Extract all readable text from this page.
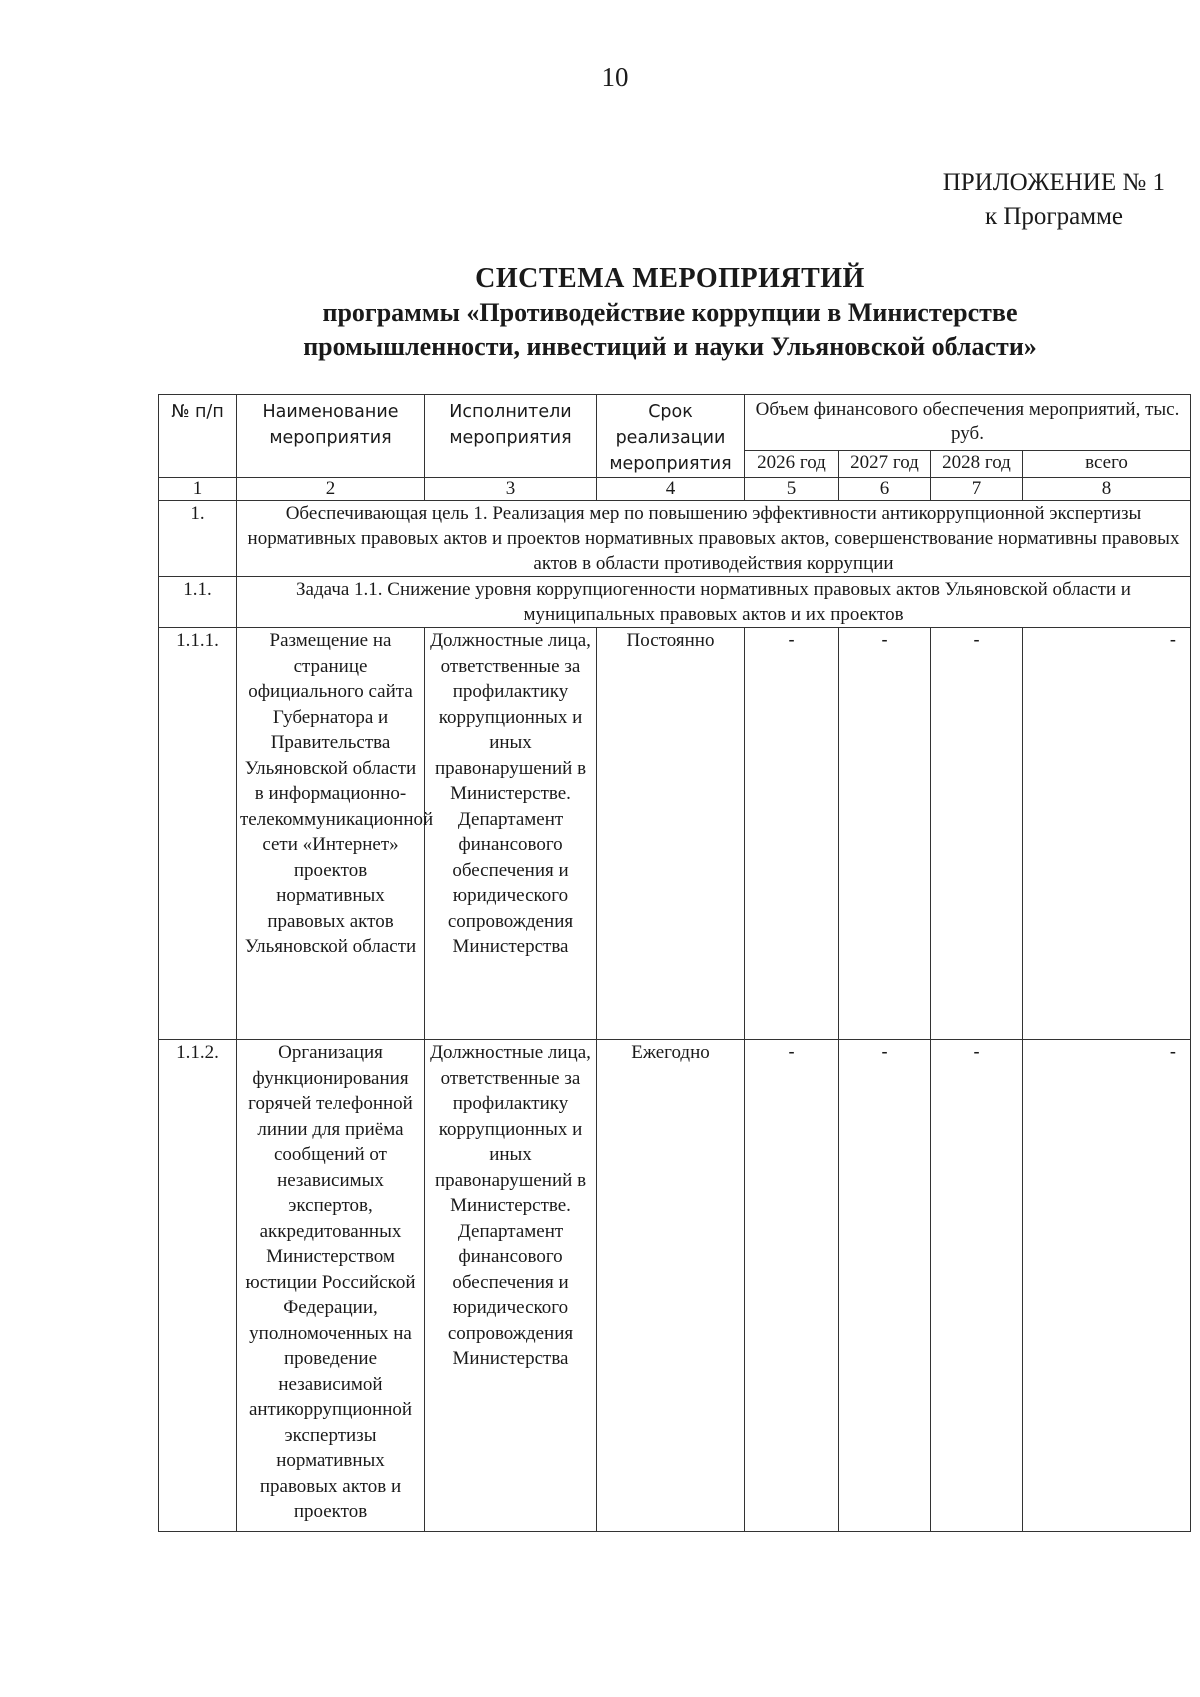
10
ПРИЛОЖЕНИЕ № 1
к Программе
СИСТЕМА МЕРОПРИЯТИЙ
программы «Противодействие коррупции в Министерстве
промышленности, инвестиций и науки Ульяновской области»
№ п/п	Наименование мероприятия	Исполнители мероприятия	Срок реализации мероприятия	Объем финансового обеспечения мероприятий, тыс. руб.			
				2026 год	2027 год	2028 год	всего
1	2	3	4	5	6	7	8
1.	Обеспечивающая цель 1. Реализация мер по повышению эффективности антикоррупционной экспертизы нормативных правовых актов и проектов нормативных правовых актов, совершенствование нормативны правовых актов в области противодействия коррупции						
1.1.	Задача 1.1. Снижение уровня коррупциогенности нормативных правовых актов Ульяновской области и муниципальных правовых актов и их проектов						
1.1.1.	Размещение на странице официального сайта Губернатора и Правительства Ульяновской области в информационно-телекоммуникационной сети «Интернет» проектов нормативных правовых актов Ульяновской области	Должностные лица, ответственные за профилактику коррупционных и иных правонарушений в Министерстве. Департамент финансового обеспечения и юридического сопровождения Министерства	Постоянно	-	-	-	-
1.1.2.	Организация функционирования горячей телефонной линии для приёма сообщений от независимых экспертов, аккредитованных Министерством юстиции Российской Федерации, уполномоченных на проведение независимой антикоррупционной экспертизы нормативных правовых актов и проектов	Должностные лица, ответственные за профилактику коррупционных и иных правонарушений в Министерстве. Департамент финансового обеспечения и юридического сопровождения Министерства	Ежегодно	-	-	-	-
